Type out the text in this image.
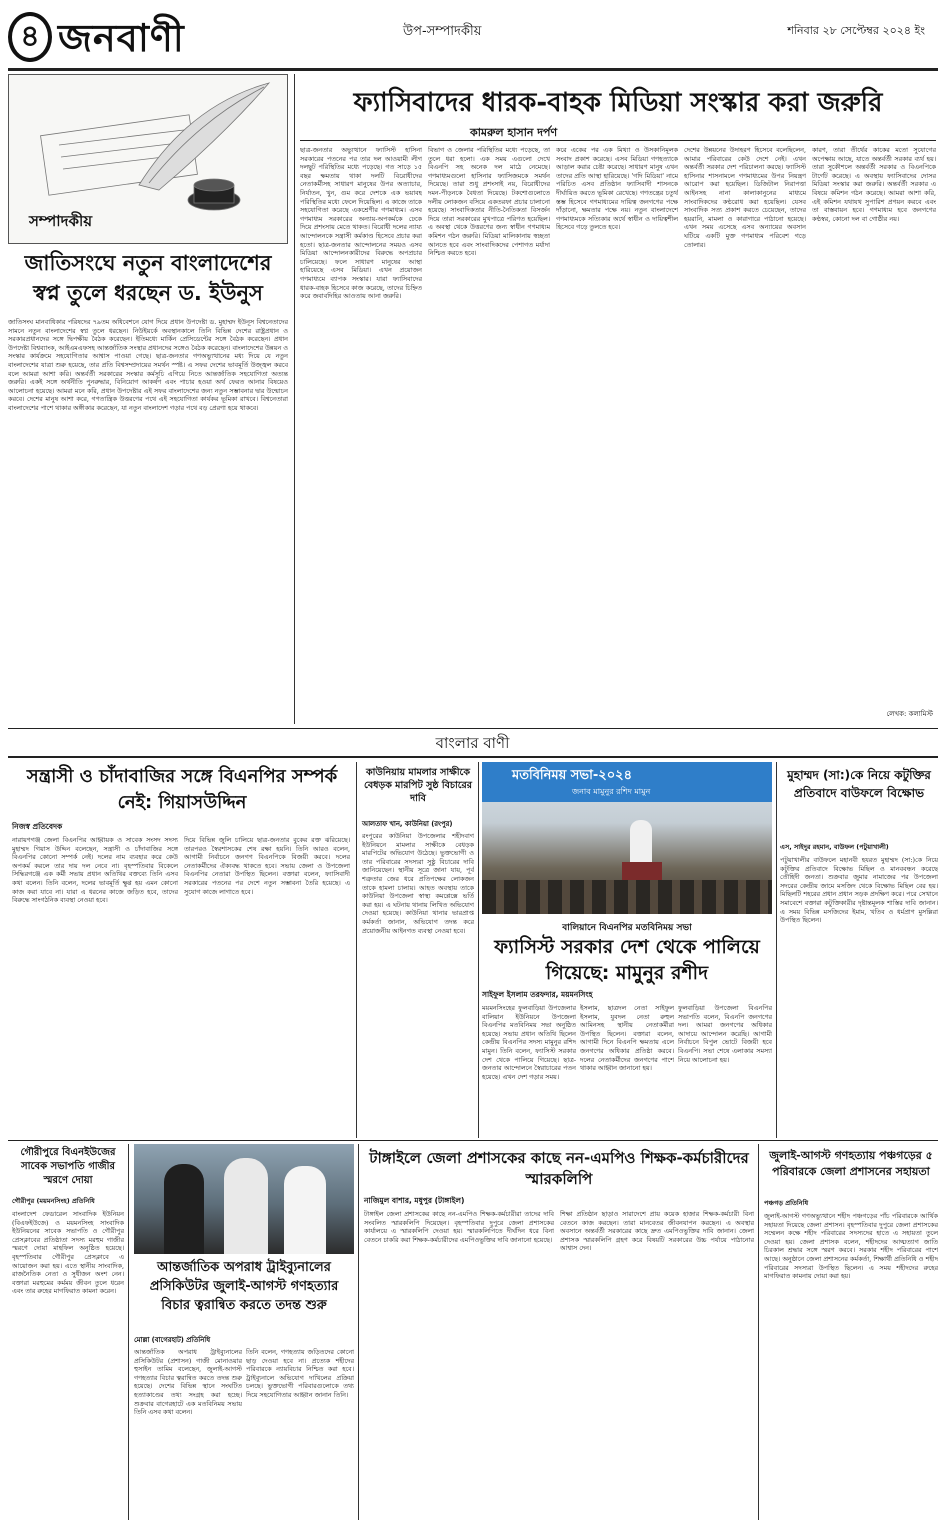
৪ জনবাণী	উপ-সম্পাদকীয়	শনিবার ২৮ সেপ্টেম্বর ২০২৪ ইং
সম্পাদকীয়
জাতিসংঘে নতুন বাংলাদেশের স্বপ্ন তুলে ধরছেন ড. ইউনুস
জাতিসংঘ মানবাধিকার পরিষদের ৭৯তম অধিবেশনে যোগ দিয়ে প্রধান উপদেষ্টা ড. মুহাম্মদ ইউনূস বিশ্বনেতাদের সামনে নতুন বাংলাদেশের স্বপ্ন তুলে ধরছেন। নিউইয়র্কে অবস্থানকালে তিনি বিভিন্ন দেশের রাষ্ট্রপ্রধান ও সরকারপ্রধানদের সঙ্গে দ্বিপক্ষীয় বৈঠক করেছেন। ইতিমধ্যে মার্কিন প্রেসিডেন্টের সঙ্গে বৈঠক করেছেন। প্রধান উপদেষ্টা বিশ্বব্যাংক, আইএমএফসহ আন্তর্জাতিক সংস্থার প্রধানদের সঙ্গেও বৈঠক করেছেন। বাংলাদেশের উন্নয়ন ও সংস্কার কার্যক্রমে সহযোগিতার আশ্বাস পাওয়া গেছে। ছাত্র-জনতার গণঅভ্যুত্থানের মধ্য দিয়ে যে নতুন বাংলাদেশের যাত্রা শুরু হয়েছে, তার প্রতি বিশ্বসম্প্রদায়ের সমর্থন স্পষ্ট। এ সফর দেশের ভাবমূর্তি উজ্জ্বল করবে বলে আমরা আশা করি। অন্তর্বর্তী সরকারের সংস্কার কর্মসূচি এগিয়ে নিতে আন্তর্জাতিক সহযোগিতা অত্যন্ত জরুরি। একই সঙ্গে অর্থনীতি পুনরুদ্ধার, বিনিয়োগ আকর্ষণ এবং পাচার হওয়া অর্থ ফেরত আনার বিষয়েও আলোচনা হয়েছে। আমরা মনে করি, প্রধান উপদেষ্টার এই সফর বাংলাদেশের জন্য নতুন সম্ভাবনার দ্বার উন্মোচন করবে। দেশের মানুষ আশা করে, গণতান্ত্রিক উত্তরণের পথে এই সহযোগিতা কার্যকর ভূমিকা রাখবে। বিশ্বনেতারা বাংলাদেশের পাশে থাকার অঙ্গীকার করেছেন, যা নতুন বাংলাদেশ গড়ার পথে বড় প্রেরণা হয়ে থাকবে।
ফ্যাসিবাদের ধারক-বাহক মিডিয়া সংস্কার করা জরুরি
কামরুল হাসান দর্পণ
ছাত্র-জনতার অভ্যুত্থানে ফ্যাসিস্ট হাসিনা সরকারের পতনের পর তার দল আওয়ামী লীগ দলছুট পরিস্থিতির মধ্যে পড়েছে। গত সাড়ে ১৫ বছর ক্ষমতায় থাকা দলটি বিরোধীদের নেতাকর্মীসহ সাধারণ মানুষের উপর অত্যাচার, নির্যাতন, খুন, গুম করে দেশকে এক ভয়াবহ পরিস্থিতির মধ্যে ফেলে দিয়েছিল। এ কাজে তাকে সহযোগিতা করেছে একশ্রেণীর গণমাধ্যম। এসব গণমাধ্যম সরকারের অন্যায়-অপকর্মকে ঢেকে দিয়ে প্রশংসায় মেতে থাকত। বিরোধী দলের ন্যায্য আন্দোলনকে সন্ত্রাসী কর্মকাণ্ড হিসেবে প্রচার করা হতো। ছাত্র-জনতার আন্দোলনের সময়ও এসব মিডিয়া আন্দোলনকারীদের বিরুদ্ধে অপপ্রচার চালিয়েছে। ফলে সাধারণ মানুষের আস্থা হারিয়েছে এসব মিডিয়া। এখন প্রয়োজন গণমাধ্যমে ব্যাপক সংস্কার। যারা ফ্যাসিবাদের ধারক-বাহক হিসেবে কাজ করেছে, তাদের চিহ্নিত করে জবাবদিহির আওতায় আনা জরুরি।
বিভাগ ও জেলার পরিস্থিতির মধ্যে পড়েছে, তা তুলে ধরা হলো। এক সময় এগুলো দেখে বিএনপি সহ অনেক দল মাঠে নেমেছে। গণমাধ্যমগুলো হাসিনার ফ্যাসিজমকে সমর্থন দিয়েছে। তারা শুধু প্রশংসাই নয়, বিরোধীদের দমন-পীড়নকে বৈধতা দিয়েছে। টকশোগুলোতে দলীয় লোকজন বসিয়ে একতরফা প্রচার চালানো হয়েছে। সাংবাদিকতার নীতি-নৈতিকতা বিসর্জন দিয়ে তারা সরকারের মুখপাত্রে পরিণত হয়েছিল। এ অবস্থা থেকে উত্তরণের জন্য স্বাধীন গণমাধ্যম কমিশন গঠন জরুরি। মিডিয়া মালিকানায় স্বচ্ছতা আনতে হবে এবং সাংবাদিকদের পেশাগত মর্যাদা নিশ্চিত করতে হবে।
করে একের পর এক মিথ্যা ও উসকানিমূলক সংবাদ প্রকাশ করেছে। এসব মিডিয়া গণহত্যাকে আড়াল করার চেষ্টা করেছে। সাধারণ মানুষ এখন তাদের প্রতি আস্থা হারিয়েছে। 'গদি মিডিয়া' নামে পরিচিত এসব প্রতিষ্ঠান ফ্যাসিবাদী শাসনকে দীর্ঘায়িত করতে ভূমিকা রেখেছে। গণতন্ত্রের চতুর্থ স্তম্ভ হিসেবে গণমাধ্যমের দায়িত্ব জনগণের পক্ষে দাঁড়ানো, ক্ষমতার পক্ষে নয়। নতুন বাংলাদেশে গণমাধ্যমকে সত্যিকার অর্থে স্বাধীন ও দায়িত্বশীল হিসেবে গড়ে তুলতে হবে।
দেশের উন্নয়নের উদাহরণ হিসেবে বলেছিলেন, আমার পরিবারের কেউ দেশে নেই। এখন অন্তর্বর্তী সরকার দেশ পরিচালনা করছে। ফ্যাসিস্ট হাসিনার শাসনামলে গণমাধ্যমের উপর নিয়ন্ত্রণ আরোপ করা হয়েছিল। ডিজিটাল নিরাপত্তা আইনসহ নানা কালাকানুনের মাধ্যমে সাংবাদিকদের কণ্ঠরোধ করা হয়েছিল। যেসব সাংবাদিক সত্য প্রকাশ করতে চেয়েছেন, তাদের হয়রানি, মামলা ও কারাগারে পাঠানো হয়েছে। এখন সময় এসেছে এসব অন্যায়ের অবসান ঘটিয়ে একটি মুক্ত গণমাধ্যম পরিবেশ গড়ে তোলার।
কারণ, তারা তীর্থের কাকের মতো সুযোগের অপেক্ষায় আছে, যাতে অন্তর্বর্তী সরকার ব্যর্থ হয়। তারা সুকৌশলে অন্তর্বর্তী সরকার ও বিএনপিকে টার্গেট করেছে। এ অবস্থায় ফ্যাসিবাদের দোসর মিডিয়া সংস্কার করা জরুরি। অন্তর্বর্তী সরকার এ বিষয়ে কমিশন গঠন করেছে। আমরা আশা করি, এই কমিশন যথাযথ সুপারিশ প্রণয়ন করবে এবং তা বাস্তবায়ন হবে। গণমাধ্যম হবে জনগণের কণ্ঠস্বর, কোনো দল বা গোষ্ঠীর নয়।
লেখক: কলামিস্ট
বাংলার বাণী
সন্ত্রাসী ও চাঁদাবাজির সঙ্গে বিএনপির সম্পর্ক নেই: গিয়াসউদ্দিন
নিজস্ব প্রতিবেদক
নারায়ণগঞ্জ জেলা বিএনপির আহ্বায়ক ও সাবেক সংসদ সদস্য মুহাম্মদ গিয়াস উদ্দিন বলেছেন, সন্ত্রাসী ও চাঁদাবাজির সঙ্গে বিএনপির কোনো সম্পর্ক নেই। দলের নাম ব্যবহার করে কেউ অপকর্ম করলে তার দায় দল নেবে না। বৃহস্পতিবার বিকেলে সিদ্ধিরগঞ্জে এক কর্মী সভায় প্রধান অতিথির বক্তব্যে তিনি এসব কথা বলেন। তিনি বলেন, দলের ভাবমূর্তি ক্ষুণ্ণ হয় এমন কোনো কাজ করা যাবে না। যারা এ ধরনের কাজে জড়িত হবে, তাদের বিরুদ্ধে সাংগঠনিক ব্যবস্থা নেওয়া হবে।
দিয়ে বিভিন্ন জুলি চালিয়ে ছাত্র-জনতার বুকের রক্ত ঝরিয়েছে। তারপরও স্বৈরশাসকের শেষ রক্ষা হয়নি। তিনি আরও বলেন, আগামী নির্বাচনে জনগণ বিএনপিকে বিজয়ী করবে। দলের নেতাকর্মীদের ঐক্যবদ্ধ থাকতে হবে। সভায় জেলা ও উপজেলা বিএনপির নেতারা উপস্থিত ছিলেন। বক্তারা বলেন, ফ্যাসিবাদী সরকারের পতনের পর দেশে নতুন সম্ভাবনা তৈরি হয়েছে। এ সুযোগ কাজে লাগাতে হবে।
কাউনিয়ায় মামলার সাক্ষীকে বেধড়ক মারপিট সুষ্ঠ বিচারের দাবি
আলতাফ খান, কাউনিয়া (রংপুর)
রংপুরের কাউনিয়া উপজেলার শহীদবাগ ইউনিয়নে মামলার সাক্ষীকে বেধড়ক মারপিটের অভিযোগ উঠেছে। ভুক্তভোগী ও তার পরিবারের সদস্যরা সুষ্ঠু বিচারের দাবি জানিয়েছেন। স্থানীয় সূত্রে জানা যায়, পূর্ব শত্রুতার জের ধরে প্রতিপক্ষের লোকজন তাকে হামলা চালায়। আহত অবস্থায় তাকে কাউনিয়া উপজেলা স্বাস্থ্য কমপ্লেক্সে ভর্তি করা হয়। এ ঘটনায় থানায় লিখিত অভিযোগ দেওয়া হয়েছে। কাউনিয়া থানার ভারপ্রাপ্ত কর্মকর্তা জানান, অভিযোগ তদন্ত করে প্রয়োজনীয় আইনগত ব্যবস্থা নেওয়া হবে।
মতবিনিময় সভা-২০২৪
জনাব মামুনুর রশিদ মামুন
বালিয়ানে বিএনপির মতবিনিময় সভা
ফ্যাসিস্ট সরকার দেশ থেকে পালিয়ে গিয়েছে: মামুনুর রশীদ
সাইফুল ইসলাম তরফদার, ময়মনসিংহ
ময়মনসিংহের ফুলবাড়িয়া উপজেলার বালিয়ান ইউনিয়নে উপজেলা বিএনপির মতবিনিময় সভা অনুষ্ঠিত হয়েছে। সভায় প্রধান অতিথি ছিলেন কেন্দ্রীয় বিএনপির সদস্য মামুনুর রশিদ মামুন। তিনি বলেন, ফ্যাসিস্ট সরকার দেশ থেকে পালিয়ে গিয়েছে। ছাত্র-জনতার আন্দোলনে স্বৈরাচারের পতন হয়েছে। এখন দেশ গড়ার সময়।
ইসলাম, ছাত্রদল নেতা সাইফুল ইসলাম, যুবদল নেতা রুহুল আমিনসহ স্থানীয় নেতাকর্মীরা উপস্থিত ছিলেন। বক্তারা বলেন, আগামী দিনে বিএনপি ক্ষমতায় এলে জনগণের অধিকার প্রতিষ্ঠা করবে। দলের নেতাকর্মীদের জনগণের পাশে থাকার আহ্বান জানানো হয়।
ফুলবাড়িয়া উপজেলা বিএনপির সভাপতি বলেন, বিএনপি জনগণের দল। আমরা জনগণের অধিকার আদায়ে আন্দোলন করেছি। আগামী নির্বাচনে বিপুল ভোটে বিজয়ী হবে বিএনপি। সভা শেষে এলাকার সমস্যা নিয়ে আলোচনা হয়।
মুহাম্মদ (সা:)কে নিয়ে কটুক্তির প্রতিবাদে বাউফলে বিক্ষোভ
এস, সাইদুর রহমান, বাউফল (পটুয়াখালী)
পটুয়াখালীর বাউফলে মহানবী হযরত মুহাম্মদ (সা:)কে নিয়ে কটুক্তির প্রতিবাদে বিক্ষোভ মিছিল ও মানববন্ধন করেছে তৌহিদী জনতা। শুক্রবার জুমার নামাজের পর উপজেলা সদরের কেন্দ্রীয় জামে মসজিদ থেকে বিক্ষোভ মিছিল বের হয়। মিছিলটি শহরের প্রধান প্রধান সড়ক প্রদক্ষিণ করে। পরে সেখানে সমাবেশে বক্তারা কটুক্তিকারীর দৃষ্টান্তমূলক শাস্তির দাবি জানান। এ সময় বিভিন্ন মসজিদের ইমাম, খতিব ও ধর্মপ্রাণ মুসল্লিরা উপস্থিত ছিলেন।
গৌরীপুরে বিএনইউজের সাবেক সভাপতি গাজীর স্মরণে দোয়া
গৌরীপুর (ময়মনসিংহ) প্রতিনিধি
বাংলাদেশ ফেডারেল সাংবাদিক ইউনিয়ন (বিএফইউজে) ও ময়মনসিংহ সাংবাদিক ইউনিয়নের সাবেক সভাপতি ও গৌরীপুর প্রেসক্লাবের প্রতিষ্ঠাতা সদস্য মরহুম গাজীর স্মরণে দোয়া মাহফিল অনুষ্ঠিত হয়েছে। বৃহস্পতিবার গৌরীপুর প্রেসক্লাবে এ আয়োজন করা হয়। এতে স্থানীয় সাংবাদিক, রাজনৈতিক নেতা ও সুধীজন অংশ নেন। বক্তারা মরহুমের কর্মময় জীবন তুলে ধরেন এবং তার রুহের মাগফিরাত কামনা করেন।
আন্তর্জাতিক অপরাধ ট্রাইব্যুনালের প্রসিকিউটর জুলাই-আগস্ট গণহত্যার বিচার ত্বরান্বিত করতে তদন্ত শুরু
মোল্লা (বাগেরহাট) প্রতিনিধি
আন্তর্জাতিক অপরাধ ট্রাইব্যুনালের প্রসিকিউটর (প্রশাসন) গাজী মোনাওয়ার হুসাইন তামিম বলেছেন, জুলাই-আগস্ট গণহত্যার বিচার ত্বরান্বিত করতে তদন্ত শুরু হয়েছে। দেশের বিভিন্ন স্থানে সংঘটিত হত্যাকাণ্ডের তথ্য সংগ্রহ করা হচ্ছে। শুক্রবার বাগেরহাটে এক মতবিনিময় সভায় তিনি এসব কথা বলেন।
তিনি বলেন, গণহত্যায় জড়িতদের কোনো ছাড় দেওয়া হবে না। প্রত্যেক শহীদের পরিবারকে ন্যায়বিচার নিশ্চিত করা হবে। ট্রাইব্যুনালে অভিযোগ দাখিলের প্রক্রিয়া চলছে। ভুক্তভোগী পরিবারগুলোকে তথ্য দিয়ে সহযোগিতার আহ্বান জানান তিনি।
টাঙ্গাইলে জেলা প্রশাসকের কাছে নন-এমপিও শিক্ষক-কর্মচারীদের স্মারকলিপি
নাজিমুল বাশার, মধুপুর (টাঙ্গাইল)
টাঙ্গাইল জেলা প্রশাসকের কাছে নন-এমপিও শিক্ষক-কর্মচারীরা তাদের দাবি সংবলিত স্মারকলিপি দিয়েছেন। বৃহস্পতিবার দুপুরে জেলা প্রশাসকের কার্যালয়ে এ স্মারকলিপি দেওয়া হয়। স্মারকলিপিতে দীর্ঘদিন ধরে বিনা বেতনে চাকরি করা শিক্ষক-কর্মচারীদের এমপিওভুক্তির দাবি জানানো হয়েছে।
শিক্ষা প্রতিষ্ঠান ছাড়াও সারাদেশে প্রায় কয়েক হাজার শিক্ষক-কর্মচারী বিনা বেতনে কাজ করছেন। তারা মানবেতর জীবনযাপন করছেন। এ অবস্থার অবসানে অন্তর্বর্তী সরকারের কাছে দ্রুত এমপিওভুক্তির দাবি জানান। জেলা প্রশাসক স্মারকলিপি গ্রহণ করে বিষয়টি সরকারের উচ্চ পর্যায়ে পাঠানোর আশ্বাস দেন।
জুলাই-আগস্ট গণহত্যায় পঞ্চগড়ের ৫ পরিবারকে জেলা প্রশাসনের সহায়তা
পঞ্চগড় প্রতিনিধি
জুলাই-আগস্ট গণঅভ্যুত্থানে শহীদ পঞ্চগড়ের পাঁচ পরিবারকে আর্থিক সহায়তা দিয়েছে জেলা প্রশাসন। বৃহস্পতিবার দুপুরে জেলা প্রশাসকের সম্মেলন কক্ষে শহীদ পরিবারের সদস্যদের হাতে এ সহায়তা তুলে দেওয়া হয়। জেলা প্রশাসক বলেন, শহীদদের আত্মত্যাগ জাতি চিরকাল শ্রদ্ধার সঙ্গে স্মরণ করবে। সরকার শহীদ পরিবারের পাশে আছে। অনুষ্ঠানে জেলা প্রশাসনের কর্মকর্তা, শিক্ষার্থী প্রতিনিধি ও শহীদ পরিবারের সদস্যরা উপস্থিত ছিলেন। এ সময় শহীদদের রুহের মাগফিরাত কামনায় দোয়া করা হয়।
